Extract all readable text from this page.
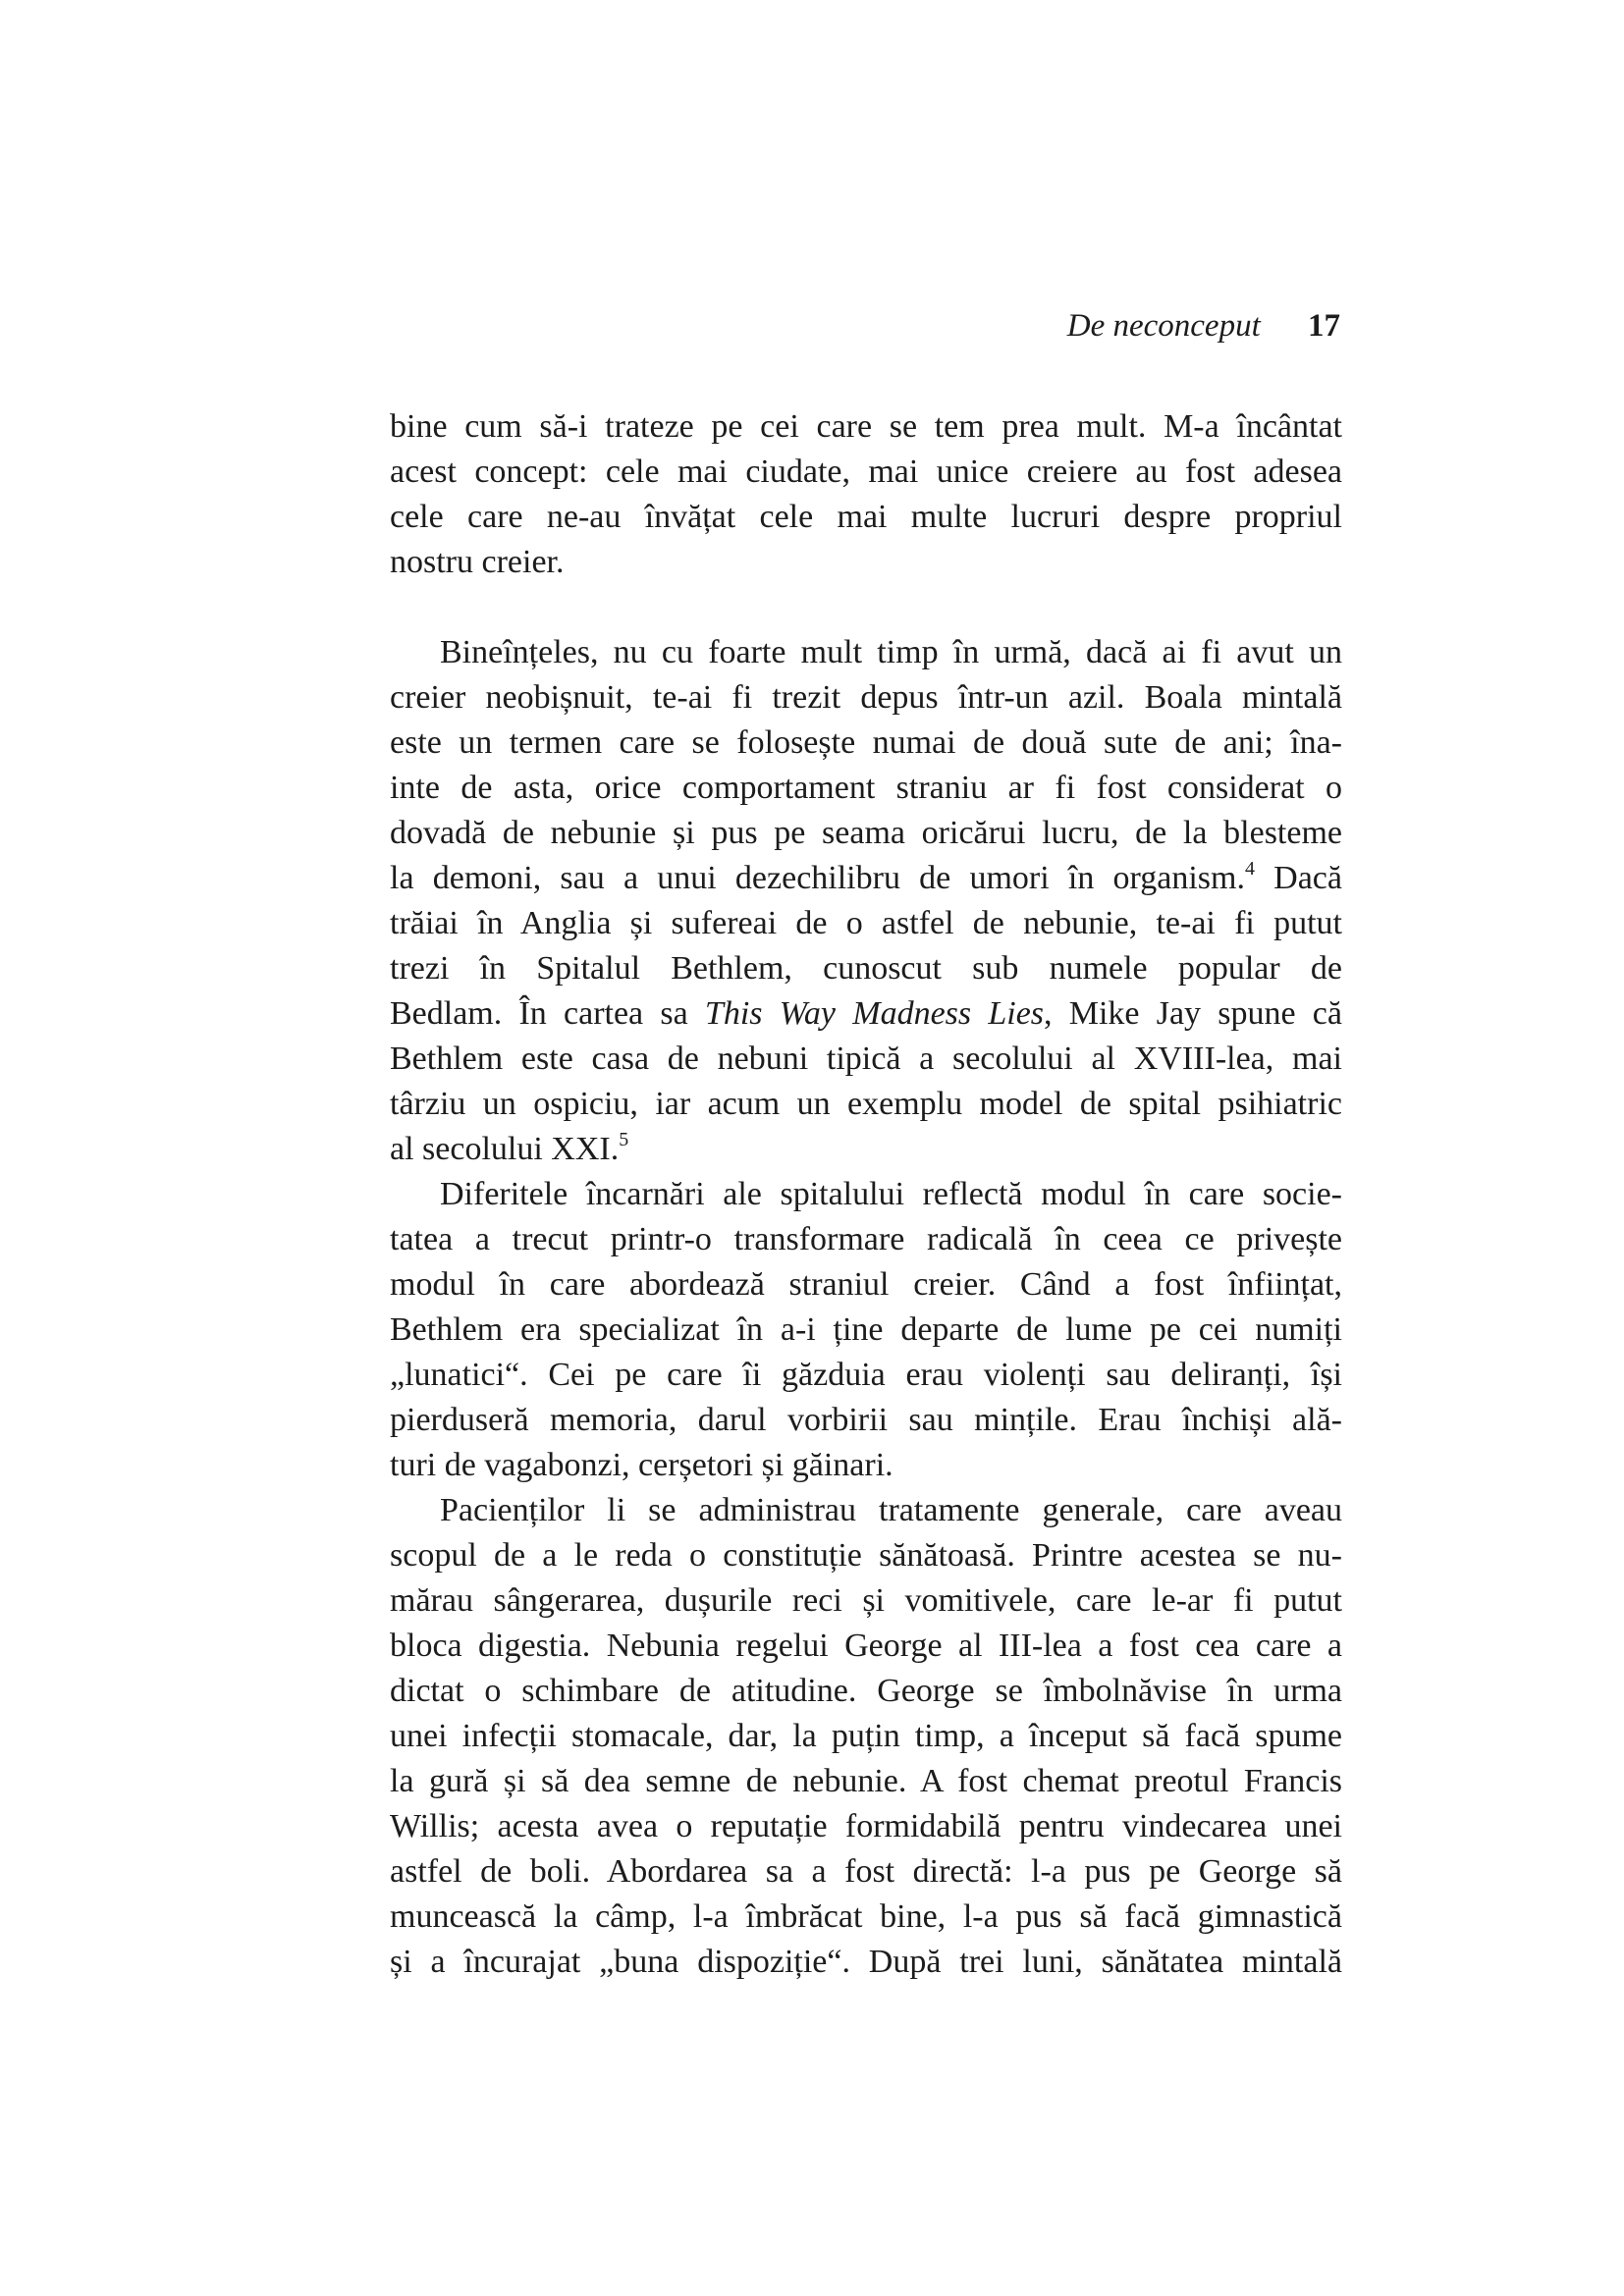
De neconceput 17
bine cum să-i trateze pe cei care se tem prea mult. M-a încântat
acest concept: cele mai ciudate, mai unice creiere au fost adesea
cele care ne-au învățat cele mai multe lucruri despre propriul
nostru creier.
Bineînțeles, nu cu foarte mult timp în urmă, dacă ai fi avut un
creier neobișnuit, te-ai fi trezit depus într-un azil. Boala mintală
este un termen care se folosește numai de două sute de ani; îna-
inte de asta, orice comportament straniu ar fi fost considerat o
dovadă de nebunie și pus pe seama oricărui lucru, de la blesteme
la demoni, sau a unui dezechilibru de umori în organism.$^4$ Dacă
trăiai în Anglia și sufereai de o astfel de nebunie, te-ai fi putut
trezi în Spitalul Bethlem, cunoscut sub numele popular de
Bedlam. În cartea sa This Way Madness Lies, Mike Jay spune că
Bethlem este casa de nebuni tipică a secolului al XVIII-lea, mai
târziu un ospiciu, iar acum un exemplu model de spital psihiatric
al secolului XXI.$^5$
Diferitele încarnări ale spitalului reflectă modul în care socie-
tatea a trecut printr-o transformare radicală în ceea ce privește
modul în care abordează straniul creier. Când a fost înființat,
Bethlem era specializat în a-i ține departe de lume pe cei numiți
„lunatici“. Cei pe care îi găzduia erau violenți sau deliranți, își
pierduseră memoria, darul vorbirii sau mințile. Erau închiși ală-
turi de vagabonzi, cerșetori și găinari.
Pacienților li se administrau tratamente generale, care aveau
scopul de a le reda o constituție sănătoasă. Printre acestea se nu-
mărau sângerarea, dușurile reci și vomitivele, care le-ar fi putut
bloca digestia. Nebunia regelui George al III-lea a fost cea care a
dictat o schimbare de atitudine. George se îmbolnăvise în urma
unei infecții stomacale, dar, la puțin timp, a început să facă spume
la gură și să dea semne de nebunie. A fost chemat preotul Francis
Willis; acesta avea o reputație formidabilă pentru vindecarea unei
astfel de boli. Abordarea sa a fost directă: l-a pus pe George să
muncească la câmp, l-a îmbrăcat bine, l-a pus să facă gimnastică
și a încurajat „buna dispoziție“. După trei luni, sănătatea mintală
